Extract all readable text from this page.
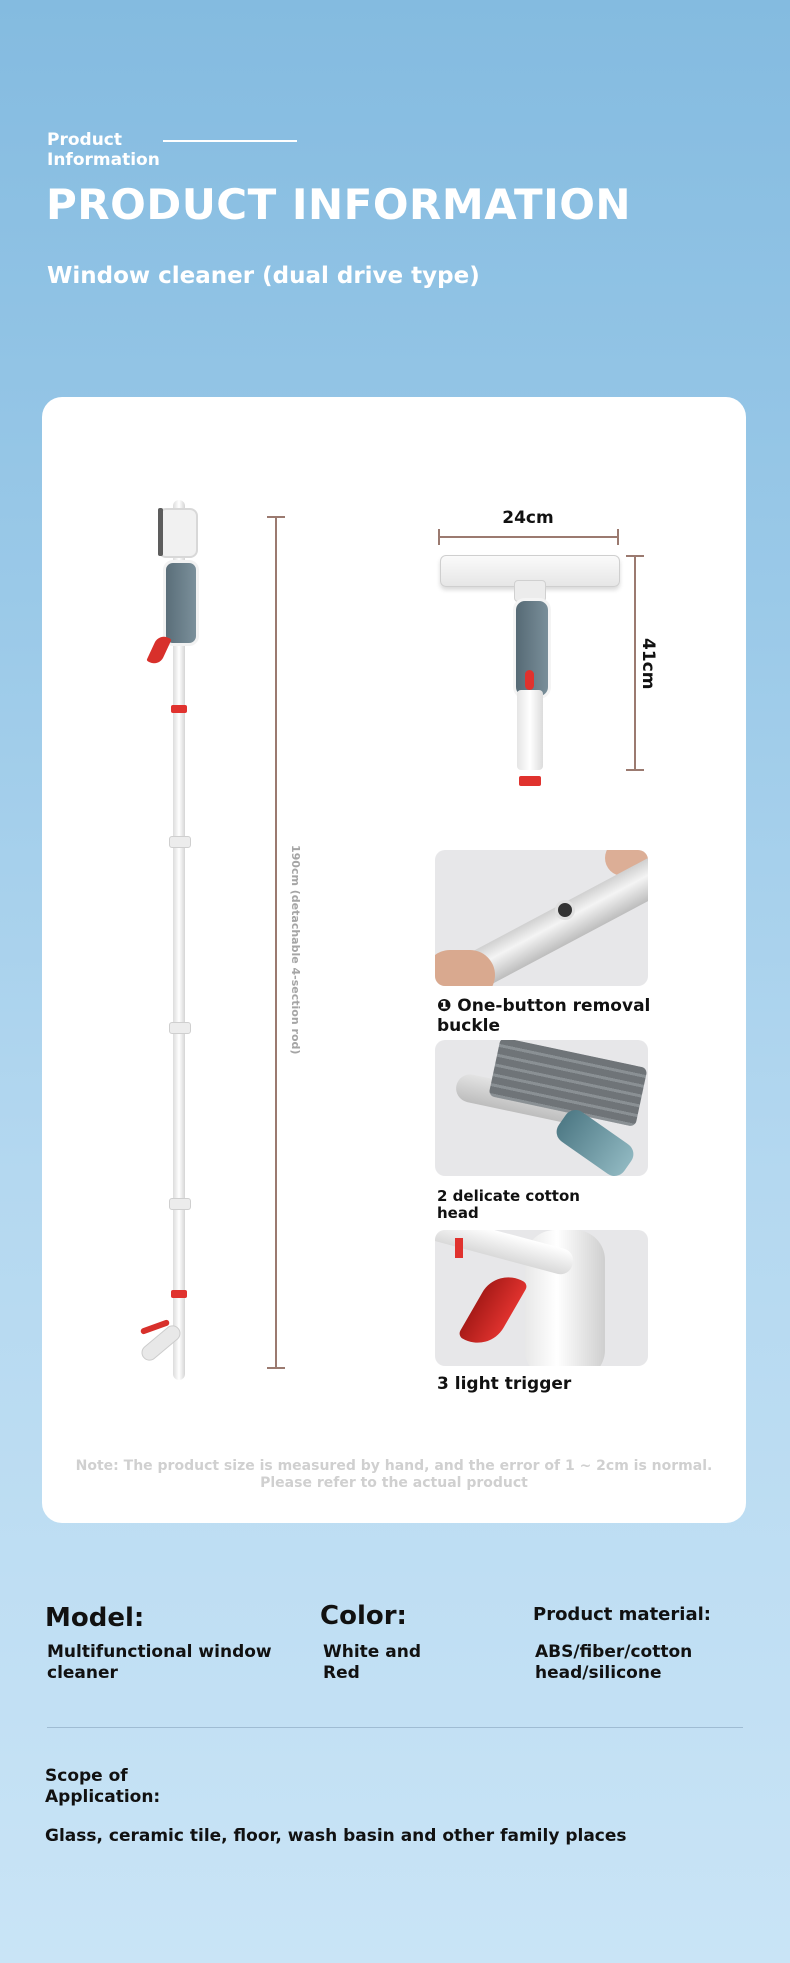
Product Information
PRODUCT INFORMATION
Window cleaner (dual drive type)
190cm (detachable 4-section rod)
24cm
41cm
❶ One-button removal buckle
2 delicate cotton head
3 light trigger
Note: The product size is measured by hand, and the error of 1 ~ 2cm is normal. Please refer to the actual product
Model:
Multifunctional window cleaner
Color:
White and Red
Product material:
ABS/fiber/cotton head/silicone
Scope of Application:
Glass, ceramic tile, floor, wash basin and other family places
